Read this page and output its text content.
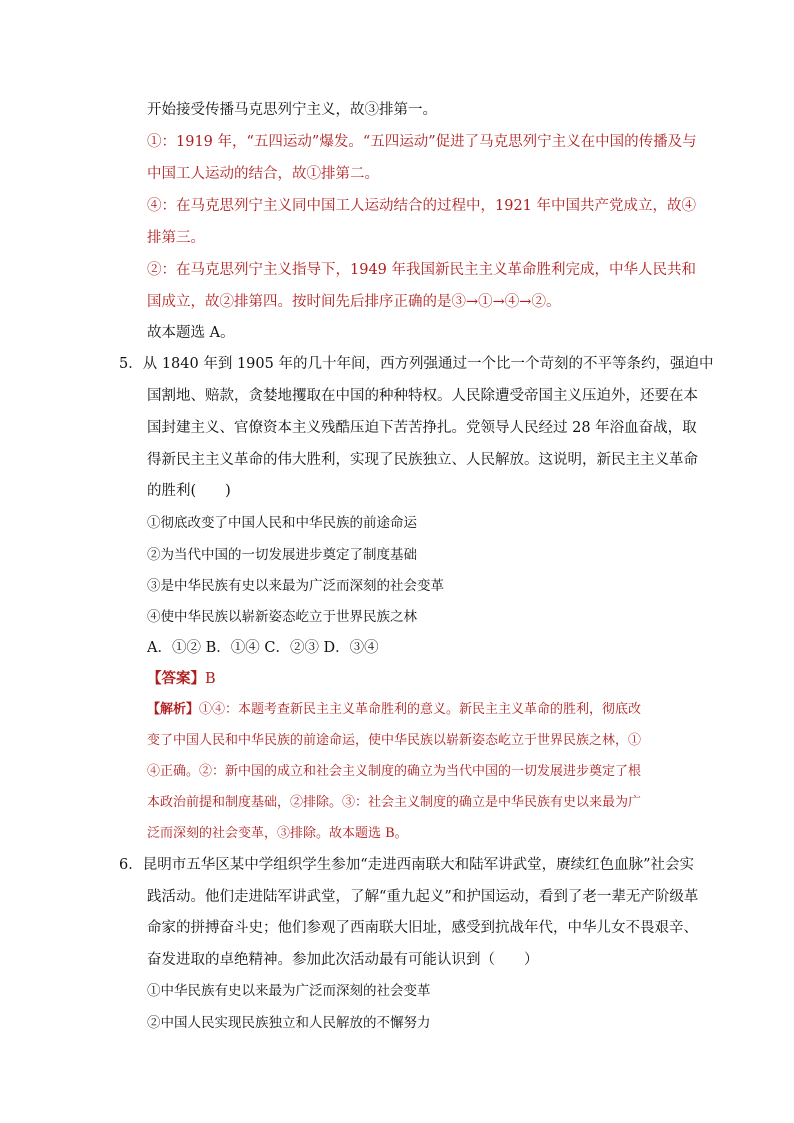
开始接受传播马克思列宁主义，故③排第一。
①：1919 年，“五四运动”爆发。“五四运动”促进了马克思列宁主义在中国的传播及与
中国工人运动的结合，故①排第二。
④：在马克思列宁主义同中国工人运动结合的过程中，1921 年中国共产党成立，故④
排第三。
②：在马克思列宁主义指导下，1949 年我国新民主主义革命胜利完成，中华人民共和
国成立，故②排第四。按时间先后排序正确的是③→①→④→②。
故本题选 A。
5．从 1840 年到 1905 年的几十年间，西方列强通过一个比一个苛刻的不平等条约，强迫中
国割地、赔款，贪婪地攫取在中国的种种特权。人民除遭受帝国主义压迫外，还要在本
国封建主义、官僚资本主义残酷压迫下苦苦挣扎。党领导人民经过 28 年浴血奋战，取
得新民主主义革命的伟大胜利，实现了民族独立、人民解放。这说明，新民主主义革命
的胜利(　　)
①彻底改变了中国人民和中华民族的前途命运
②为当代中国的一切发展进步奠定了制度基础
③是中华民族有史以来最为广泛而深刻的社会变革
④使中华民族以崭新姿态屹立于世界民族之林
A．①② B．①④ C．②③ D．③④
【答案】B
【解析】①④：本题考查新民主主义革命胜利的意义。新民主主义革命的胜利，彻底改
变了中国人民和中华民族的前途命运，使中华民族以崭新姿态屹立于世界民族之林，①
④正确。②：新中国的成立和社会主义制度的确立为当代中国的一切发展进步奠定了根
本政治前提和制度基础，②排除。③：社会主义制度的确立是中华民族有史以来最为广
泛而深刻的社会变革，③排除。故本题选 B。
6．昆明市五华区某中学组织学生参加“走进西南联大和陆军讲武堂，赓续红色血脉”社会实
践活动。他们走进陆军讲武堂，了解“重九起义”和护国运动，看到了老一辈无产阶级革
命家的拼搏奋斗史；他们参观了西南联大旧址，感受到抗战年代，中华儿女不畏艰辛、
奋发进取的卓绝精神。参加此次活动最有可能认识到（　　）
①中华民族有史以来最为广泛而深刻的社会变革
②中国人民实现民族独立和人民解放的不懈努力
